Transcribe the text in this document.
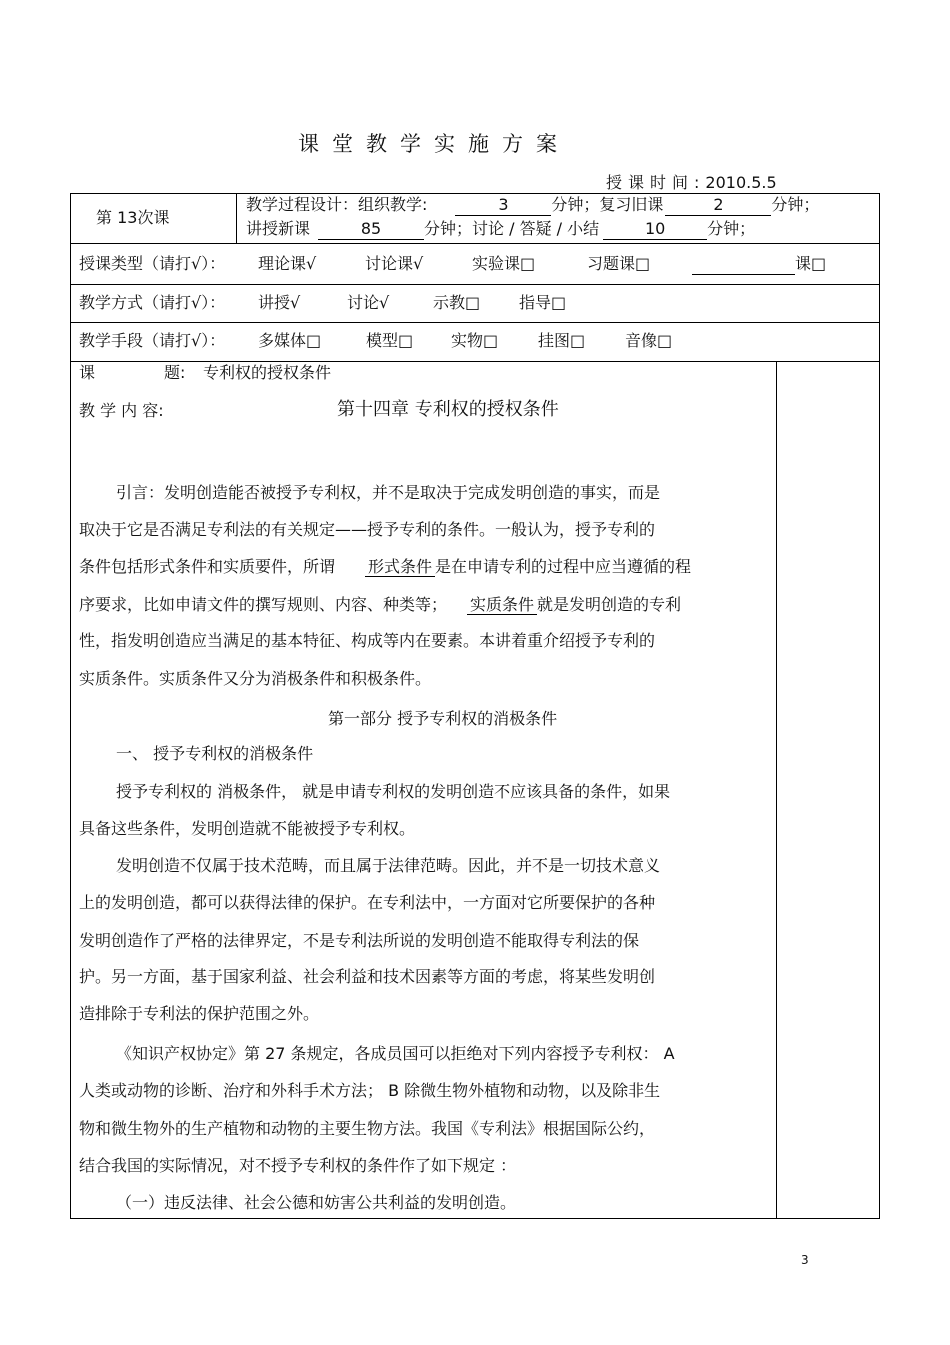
课堂教学实施方案
授课时间:2010.5.5
第 13次课
教学过程设计：组织教学:	3	分钟；复习旧课	2	分钟；
讲授新课	85	分钟；讨论 / 答疑 / 小结	10	分钟；
授课类型（请打√）： 理论课√	讨论课√	实验课□	习题课□	课□
教学方式（请打√）： 讲授√	讨论√	示教□ 指导□
教学手段（请打√）： 多媒体□	模型□ 实物□ 挂图□ 音像□
课	题: 专利权的授权条件
教 学 内 容:	第十四章 专利权的授权条件
引言：发明创造能否被授予专利权，并不是取决于完成发明创造的事实，而是
取决于它是否满足专利法的有关规定——授予专利的条件。一般认为，授予专利的
条件包括形式条件和实质要件，所谓 形式条件 是在申请专利的过程中应当遵循的程
序要求，比如申请文件的撰写规则、内容、种类等； 实质条件 就是发明创造的专利
性，指发明创造应当满足的基本特征、构成等内在要素。本讲着重介绍授予专利的
实质条件。实质条件又分为消极条件和积极条件。
第一部分 授予专利权的消极条件
一、 授予专利权的消极条件
授予专利权的 消极条件， 就是申请专利权的发明创造不应该具备的条件，如果
具备这些条件，发明创造就不能被授予专利权。
发明创造不仅属于技术范畴，而且属于法律范畴。因此，并不是一切技术意义
上的发明创造，都可以获得法律的保护。在专利法中，一方面对它所要保护的各种
发明创造作了严格的法律界定，不是专利法所说的发明创造不能取得专利法的保
护。另一方面，基于国家利益、社会利益和技术因素等方面的考虑，将某些发明创
造排除于专利法的保护范围之外。
《知识产权协定》第 27 条规定，各成员国可以拒绝对下列内容授予专利权： A
人类或动物的诊断、治疗和外科手术方法； B 除微生物外植物和动物，以及除非生
物和微生物外的生产植物和动物的主要生物方法。我国《专利法》根据国际公约，
结合我国的实际情况，对不授予专利权的条件作了如下规定 ：
（一）违反法律、社会公德和妨害公共利益的发明创造。
3
